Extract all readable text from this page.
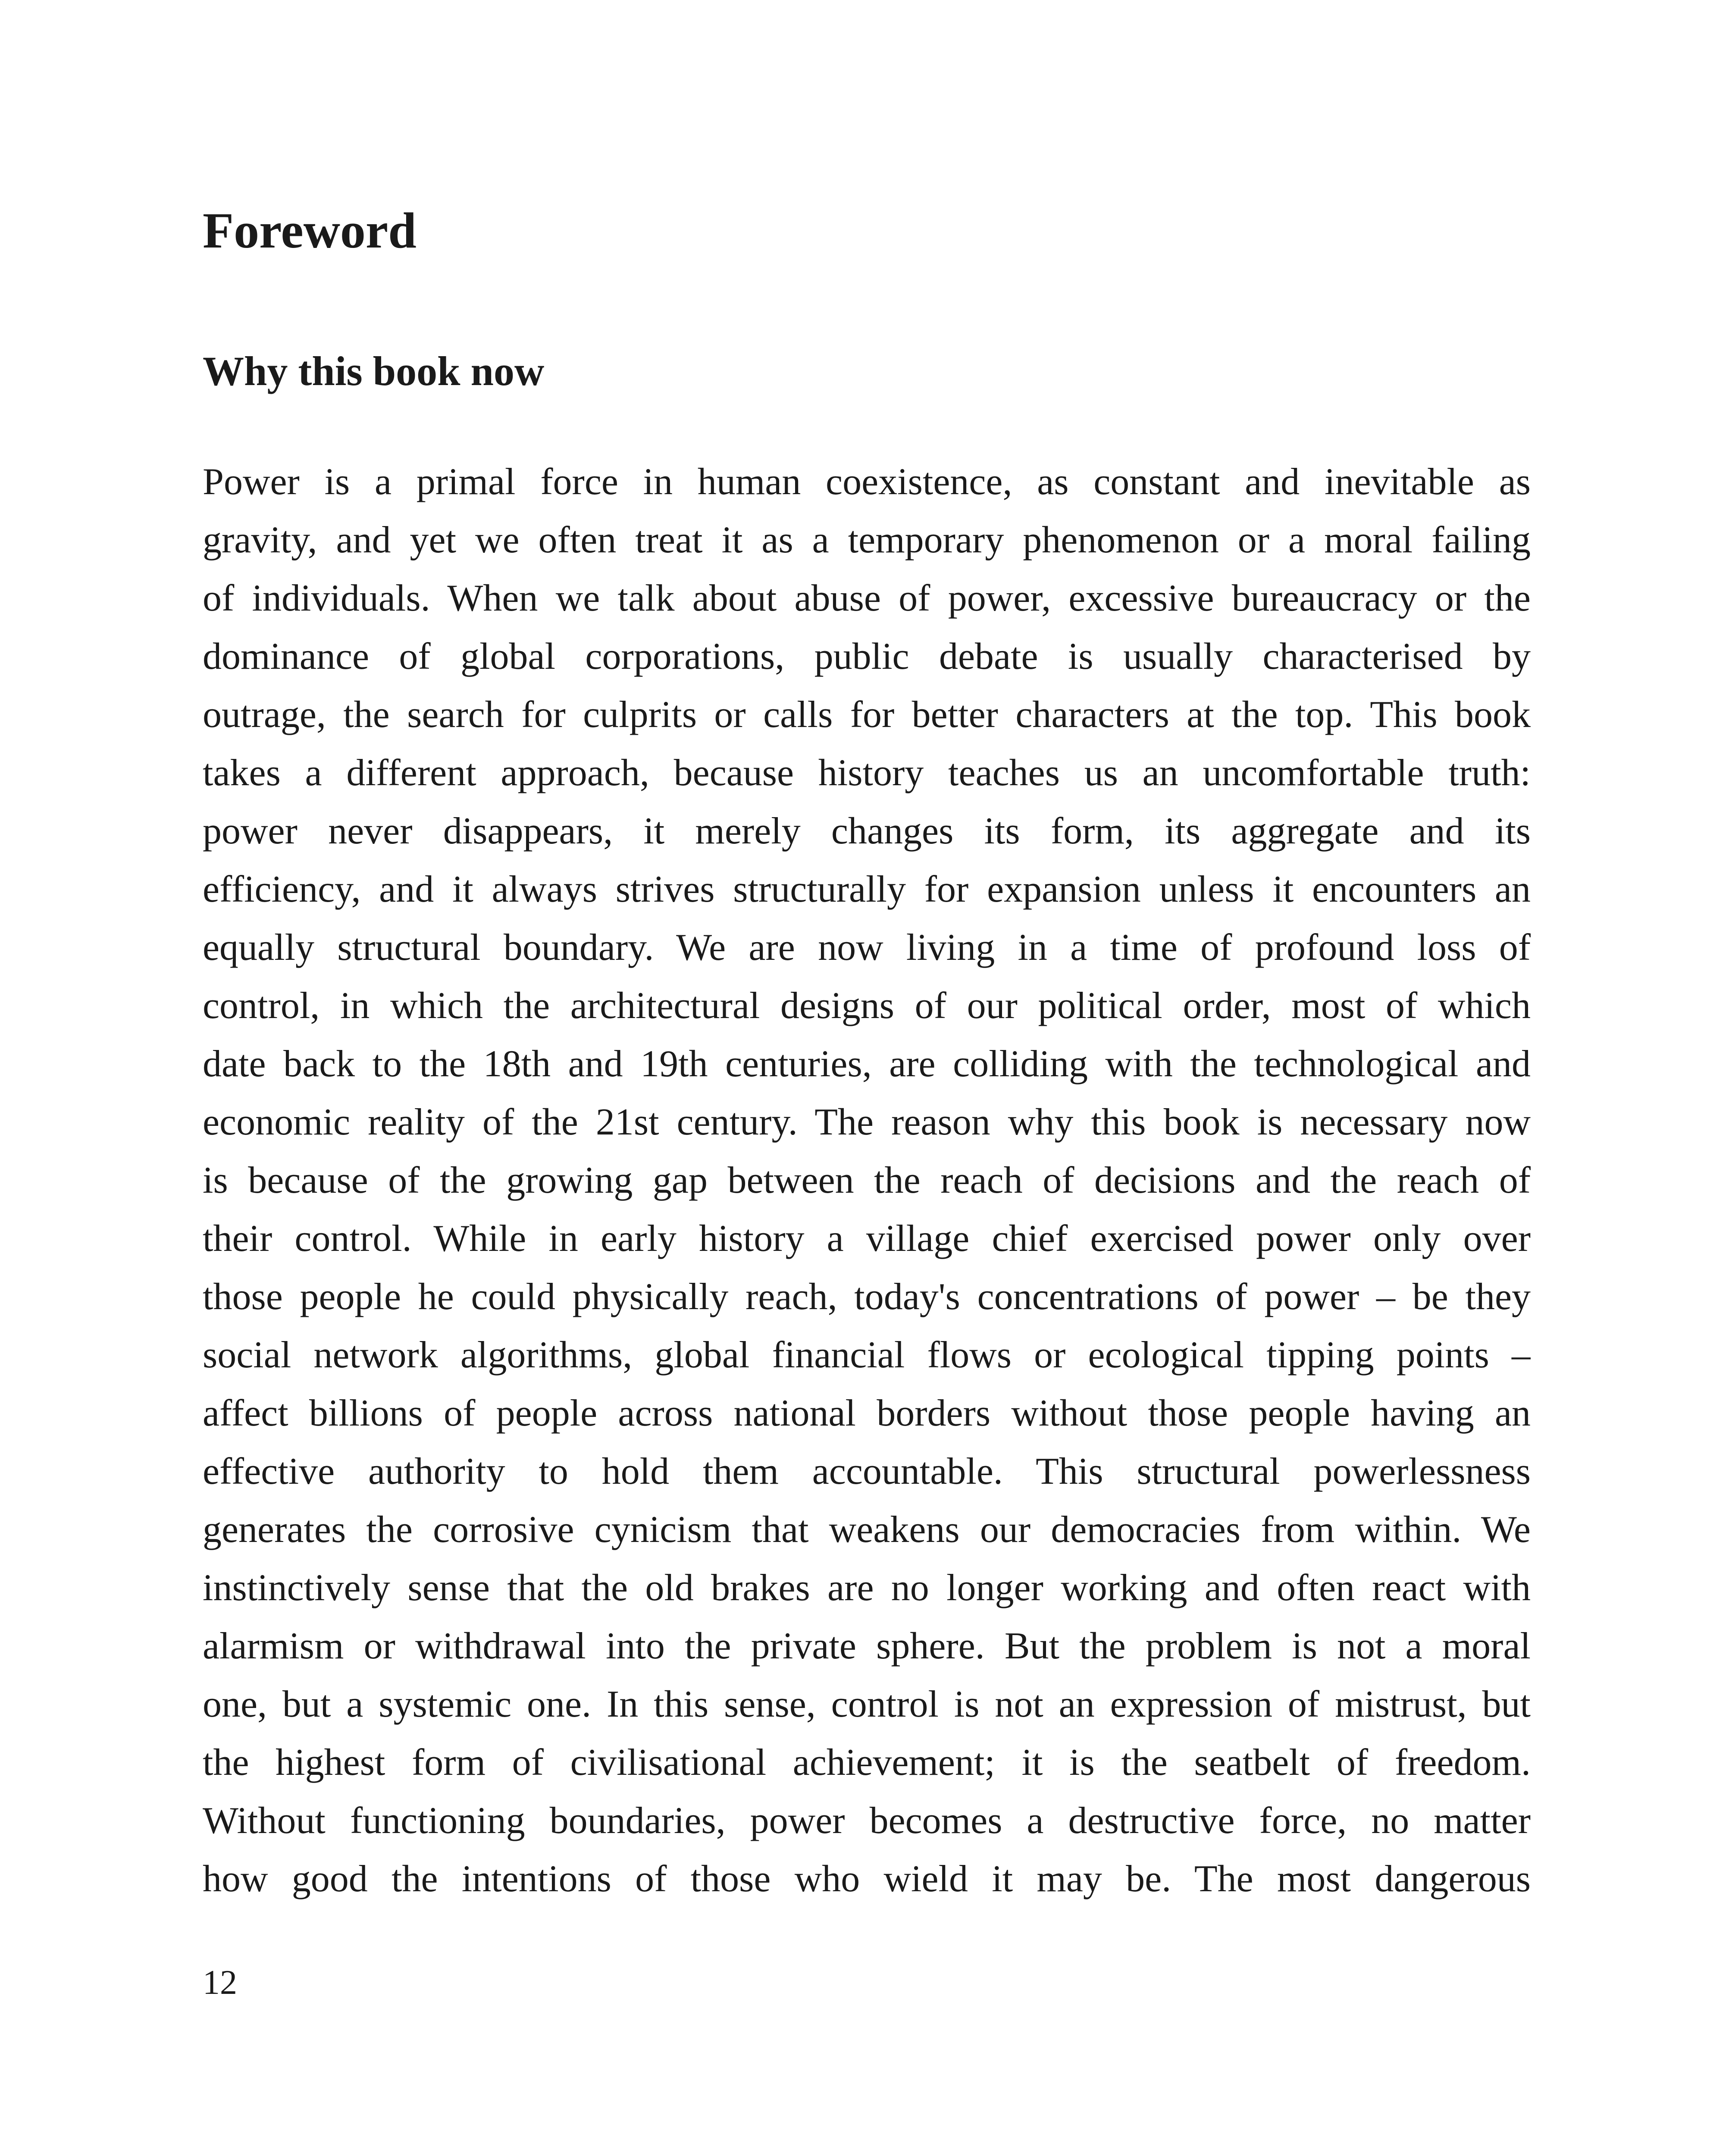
Foreword
Why this book now
Power is a primal force in human coexistence, as constant and inevitable as
gravity, and yet we often treat it as a temporary phenomenon or a moral failing
of individuals. When we talk about abuse of power, excessive bureaucracy or the
dominance of global corporations, public debate is usually characterised by
outrage, the search for culprits or calls for better characters at the top. This book
takes a different approach, because history teaches us an uncomfortable truth:
power never disappears, it merely changes its form, its aggregate and its
efficiency, and it always strives structurally for expansion unless it encounters an
equally structural boundary. We are now living in a time of profound loss of
control, in which the architectural designs of our political order, most of which
date back to the 18th and 19th centuries, are colliding with the technological and
economic reality of the 21st century. The reason why this book is necessary now
is because of the growing gap between the reach of decisions and the reach of
their control. While in early history a village chief exercised power only over
those people he could physically reach, today's concentrations of power – be they
social network algorithms, global financial flows or ecological tipping points –
affect billions of people across national borders without those people having an
effective authority to hold them accountable. This structural powerlessness
generates the corrosive cynicism that weakens our democracies from within. We
instinctively sense that the old brakes are no longer working and often react with
alarmism or withdrawal into the private sphere. But the problem is not a moral
one, but a systemic one. In this sense, control is not an expression of mistrust, but
the highest form of civilisational achievement; it is the seatbelt of freedom.
Without functioning boundaries, power becomes a destructive force, no matter
how good the intentions of those who wield it may be. The most dangerous
12
